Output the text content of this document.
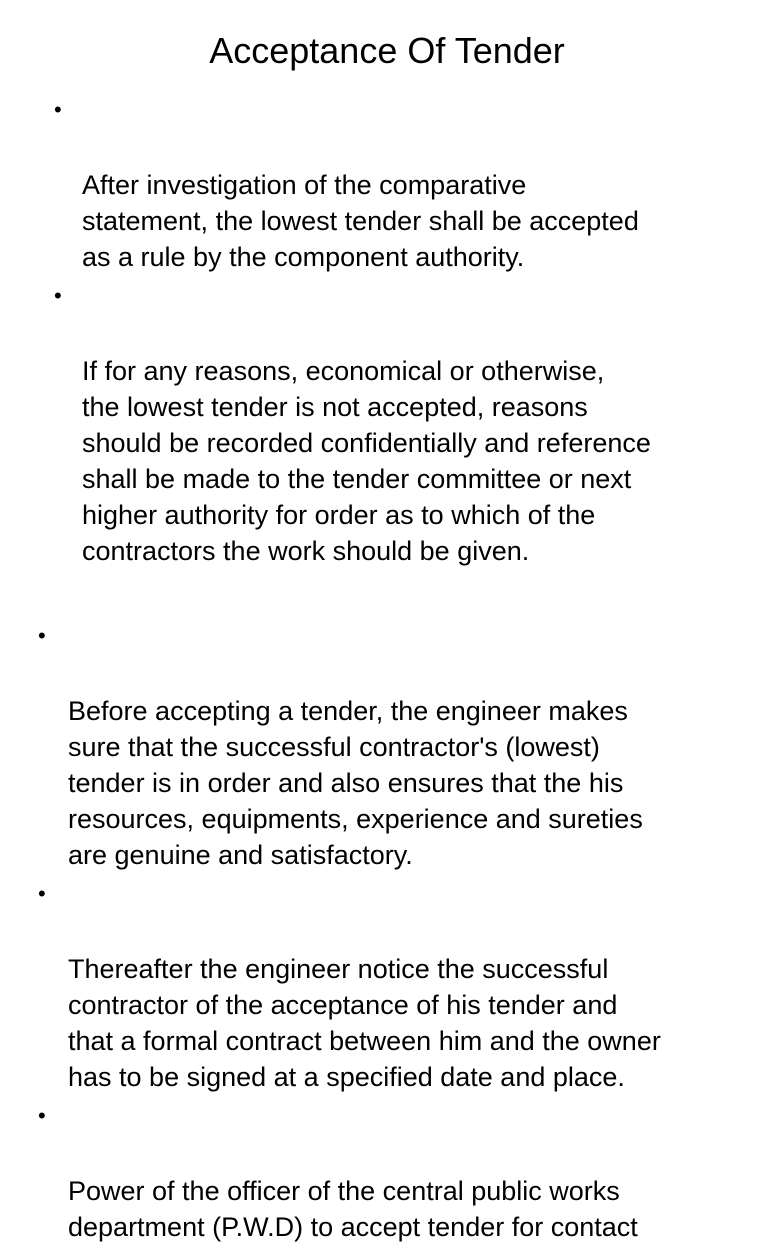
Acceptance Of Tender

•

After investigation of the comparative
statement, the lowest tender shall be accepted
as a rule by the component authority.

•

If for any reasons, economical or otherwise,
the lowest tender is not accepted, reasons
should be recorded confidentially and reference
shall be made to the tender committee or next
higher authority for order as to which of the
contractors the work should be given.

•

Before accepting a tender, the engineer makes
sure that the successful contractor's (lowest)
tender is in order and also ensures that the his
resources, equipments, experience and sureties
are genuine and satisfactory.

•

Thereafter the engineer notice the successful
contractor of the acceptance of his tender and
that a formal contract between him and the owner
has to be signed at a specified date and place.

•

Power of the officer of the central public works
department (P.W.D) to accept tender for contact
